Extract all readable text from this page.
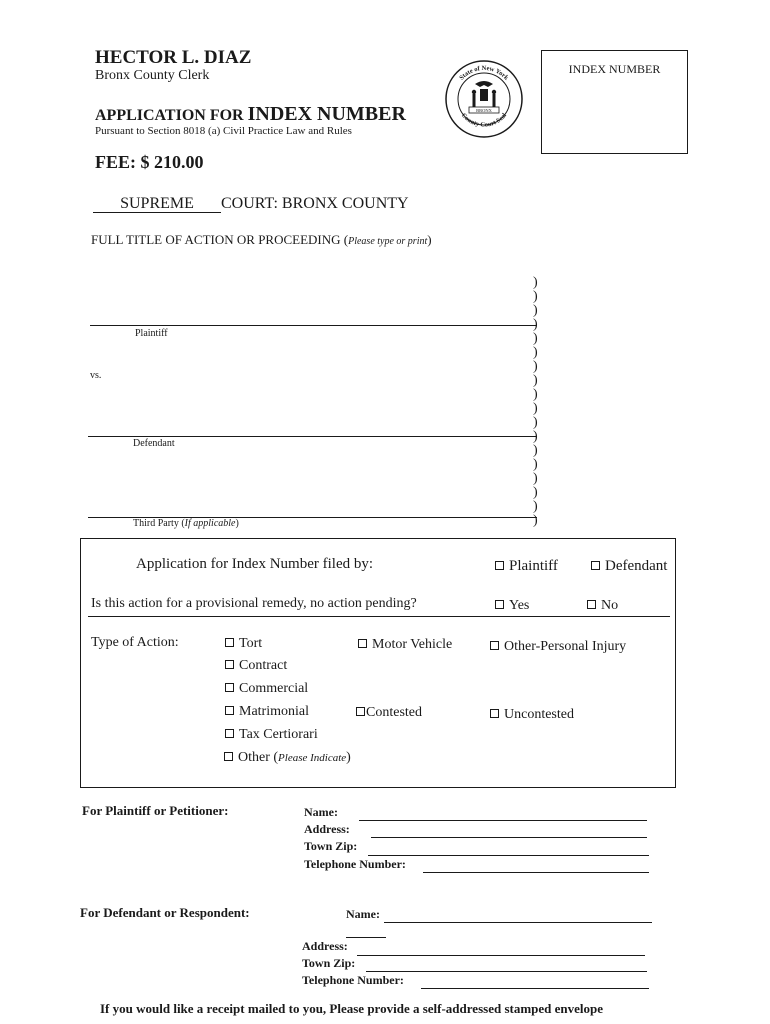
HECTOR L. DIAZ
Bronx County Clerk
APPLICATION FOR INDEX NUMBER
Pursuant to Section 8018 (a) Civil Practice Law and Rules
FEE: $ 210.00
State of New York
County Court Seal
BRONX
INDEX NUMBER
SUPREME COURT: BRONX COUNTY
FULL TITLE OF ACTION OR PROCEEDING (Please type or print)
)
)
)
)
)
)
)
)
)
)
)
)
)
)
)
)
)
)
Plaintiff
vs.
Defendant
Third Party (If applicable)
Application for Index Number filed by:	Plaintiff	Defendant
Is this action for a provisional remedy, no action pending?	Yes	No
Type of Action:	Tort	Motor Vehicle	Other-Personal Injury
Contract
Commercial
Matrimonial	Contested	Uncontested
Tax Certiorari
Other (Please Indicate)
For Plaintiff or Petitioner:	Name:
Address:
Town Zip:
Telephone Number:
For Defendant or Respondent:	Name:
Address:
Town Zip:
Telephone Number:
If you would like a receipt mailed to you, Please provide a self-addressed stamped envelope
